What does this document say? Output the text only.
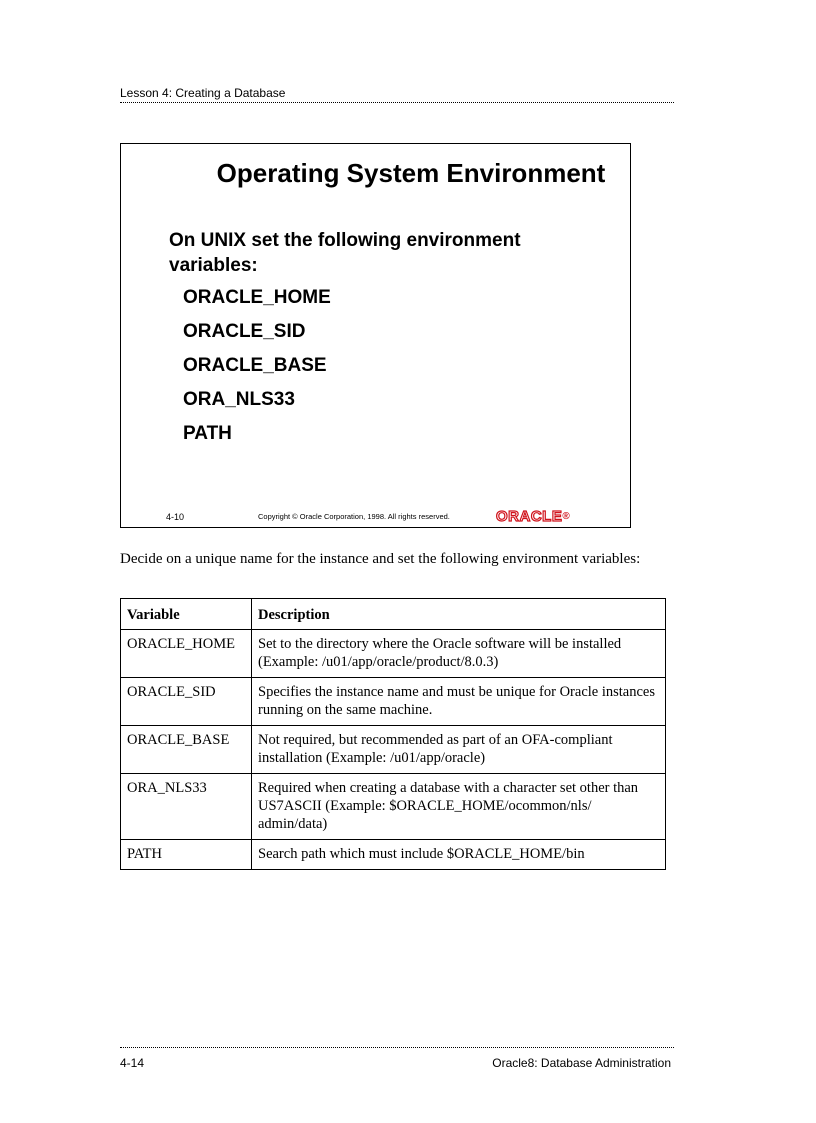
Lesson 4: Creating a Database
Operating System Environment
On UNIX set the following environment variables:
ORACLE_HOME
ORACLE_SID
ORACLE_BASE
ORA_NLS33
PATH
4-10	Copyright © Oracle Corporation, 1998. All rights reserved.	ORACLE®
Decide on a unique name for the instance and set the following environment variables:
Variable	Description
ORACLE_HOME	Set to the directory where the Oracle software will be installed (Example: /u01/app/oracle/product/8.0.3)
ORACLE_SID	Specifies the instance name and must be unique for Oracle instances running on the same machine.
ORACLE_BASE	Not required, but recommended as part of an OFA-compliant installation (Example: /u01/app/oracle)
ORA_NLS33	Required when creating a database with a character set other than US7ASCII (Example: $ORACLE_HOME/ocommon/nls/ admin/data)
PATH	Search path which must include $ORACLE_HOME/bin
4-14	Oracle8: Database Administration
